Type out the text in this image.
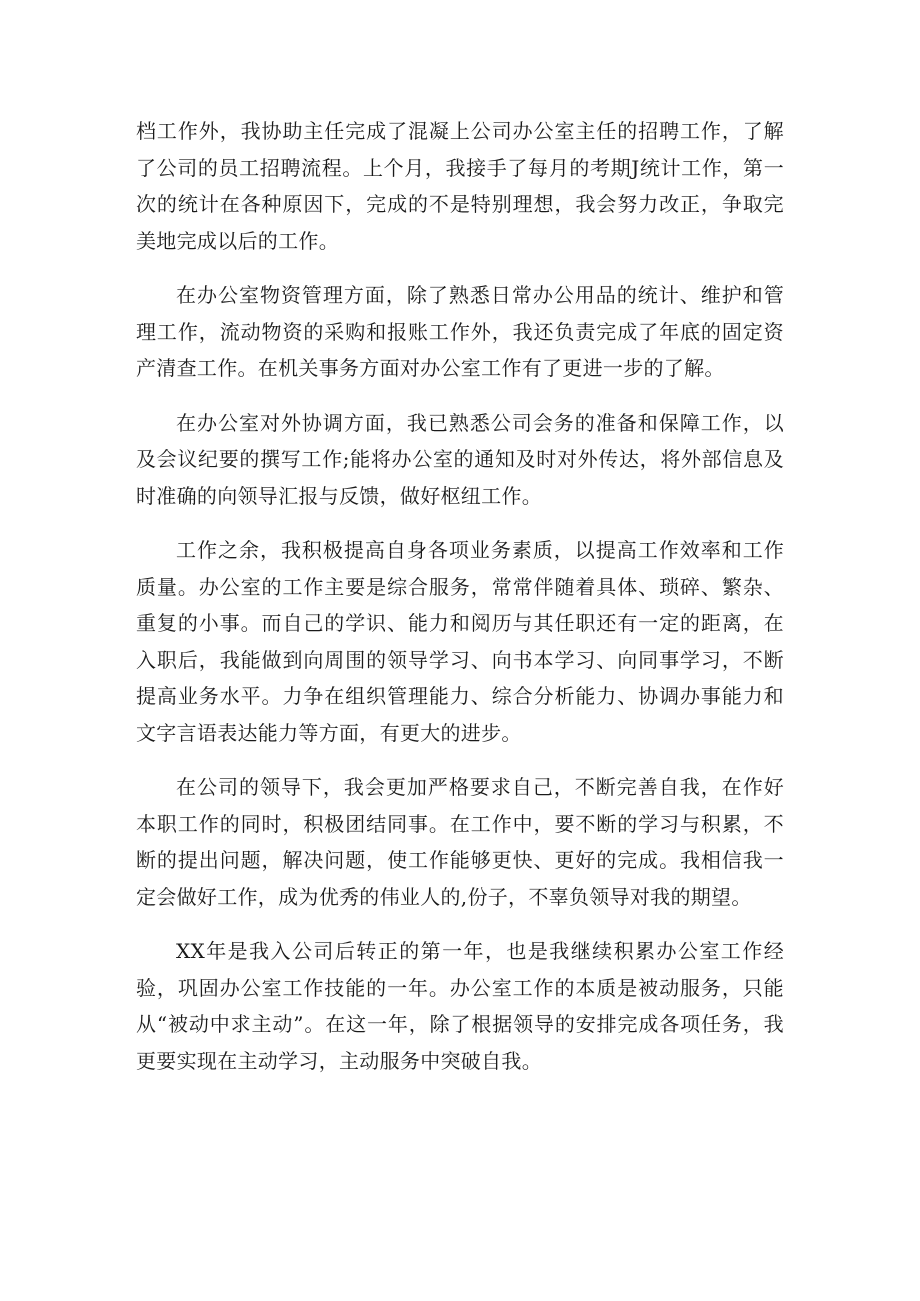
档工作外，我协助主任完成了混凝上公司办公室主任的招聘工作，了解了公司的员工招聘流程。上个月，我接手了每月的考期J统计工作，第一次的统计在各种原因下，完成的不是特别理想，我会努力改正，争取完美地完成以后的工作。

在办公室物资管理方面，除了熟悉日常办公用品的统计、维护和管理工作，流动物资的采购和报账工作外，我还负责完成了年底的固定资产清查工作。在机关事务方面对办公室工作有了更进一步的了解。

在办公室对外协调方面，我已熟悉公司会务的准备和保障工作，以及会议纪要的撰写工作;能将办公室的通知及时对外传达，将外部信息及时准确的向领导汇报与反馈，做好枢纽工作。

工作之余，我积极提高自身各项业务素质，以提高工作效率和工作质量。办公室的工作主要是综合服务，常常伴随着具体、琐碎、繁杂、重复的小事。而自己的学识、能力和阅历与其任职还有一定的距离，在入职后，我能做到向周围的领导学习、向书本学习、向同事学习，不断提高业务水平。力争在组织管理能力、综合分析能力、协调办事能力和文字言语表达能力等方面，有更大的进步。

在公司的领导下，我会更加严格要求自己，不断完善自我，在作好本职工作的同时，积极团结同事。在工作中，要不断的学习与积累，不断的提出问题，解决问题，使工作能够更快、更好的完成。我相信我一定会做好工作，成为优秀的伟业人的,份子，不辜负领导对我的期望。

XX年是我入公司后转正的第一年，也是我继续积累办公室工作经验，巩固办公室工作技能的一年。办公室工作的本质是被动服务，只能从“被动中求主动”。在这一年，除了根据领导的安排完成各项任务，我更要实现在主动学习，主动服务中突破自我。
